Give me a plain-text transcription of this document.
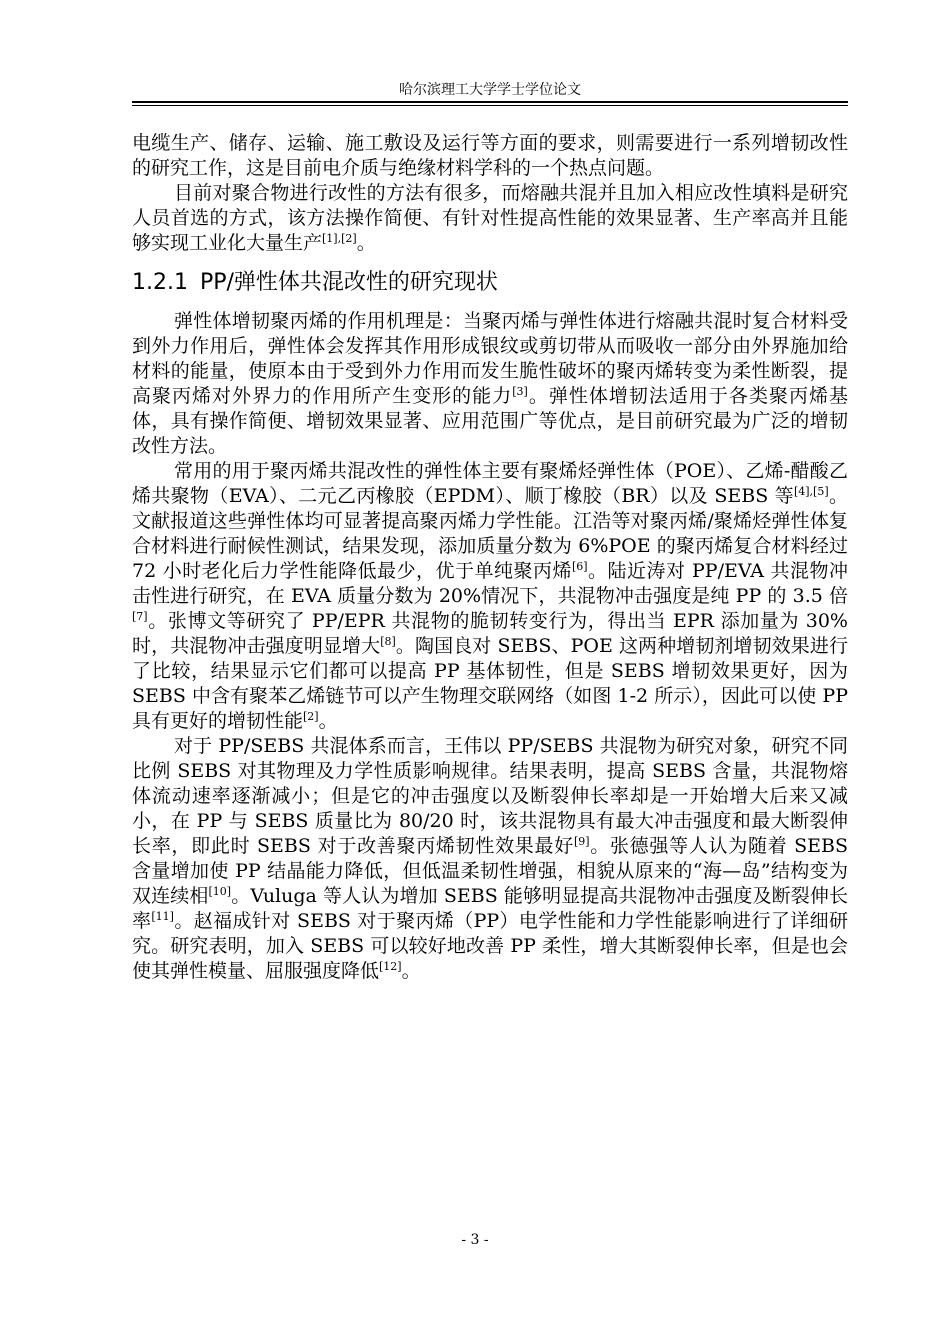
哈尔滨理工大学学士学位论文

电缆生产、储存、运输、施工敷设及运行等方面的要求，则需要进行一系列增韧改性的研究工作，这是目前电介质与绝缘材料学科的一个热点问题。

目前对聚合物进行改性的方法有很多，而熔融共混并且加入相应改性填料是研究人员首选的方式，该方法操作简便、有针对性提高性能的效果显著、生产率高并且能够实现工业化大量生产[1],[2]。

1.2.1 PP/弹性体共混改性的研究现状

弹性体增韧聚丙烯的作用机理是：当聚丙烯与弹性体进行熔融共混时复合材料受到外力作用后，弹性体会发挥其作用形成银纹或剪切带从而吸收一部分由外界施加给材料的能量，使原本由于受到外力作用而发生脆性破坏的聚丙烯转变为柔性断裂，提高聚丙烯对外界力的作用所产生变形的能力[3]。弹性体增韧法适用于各类聚丙烯基体，具有操作简便、增韧效果显著、应用范围广等优点，是目前研究最为广泛的增韧改性方法。

常用的用于聚丙烯共混改性的弹性体主要有聚烯烃弹性体（POE）、乙烯-醋酸乙烯共聚物（EVA）、二元乙丙橡胶（EPDM）、顺丁橡胶（BR）以及 SEBS 等[4],[5]。文献报道这些弹性体均可显著提高聚丙烯力学性能。江浩等对聚丙烯/聚烯烃弹性体复合材料进行耐候性测试，结果发现，添加质量分数为 6%POE 的聚丙烯复合材料经过 72 小时老化后力学性能降低最少，优于单纯聚丙烯[6]。陆近涛对 PP/EVA 共混物冲击性进行研究，在 EVA 质量分数为 20%情况下，共混物冲击强度是纯 PP 的 3.5 倍[7]。张博文等研究了 PP/EPR 共混物的脆韧转变行为，得出当 EPR 添加量为 30%时，共混物冲击强度明显增大[8]。陶国良对 SEBS、POE 这两种增韧剂增韧效果进行了比较，结果显示它们都可以提高 PP 基体韧性，但是 SEBS 增韧效果更好，因为 SEBS 中含有聚苯乙烯链节可以产生物理交联网络（如图 1-2 所示），因此可以使 PP 具有更好的增韧性能[2]。

对于 PP/SEBS 共混体系而言，王伟以 PP/SEBS 共混物为研究对象，研究不同比例 SEBS 对其物理及力学性质影响规律。结果表明，提高 SEBS 含量，共混物熔体流动速率逐渐减小；但是它的冲击强度以及断裂伸长率却是一开始增大后来又减小，在 PP 与 SEBS 质量比为 80/20 时，该共混物具有最大冲击强度和最大断裂伸长率，即此时 SEBS 对于改善聚丙烯韧性效果最好[9]。张德强等人认为随着 SEBS 含量增加使 PP 结晶能力降低，但低温柔韧性增强，相貌从原来的“海—岛”结构变为双连续相[10]。Vuluga 等人认为增加 SEBS 能够明显提高共混物冲击强度及断裂伸长率[11]。赵福成针对 SEBS 对于聚丙烯（PP）电学性能和力学性能影响进行了详细研究。研究表明，加入 SEBS 可以较好地改善 PP 柔性，增大其断裂伸长率，但是也会使其弹性模量、屈服强度降低[12]。

- 3 -
